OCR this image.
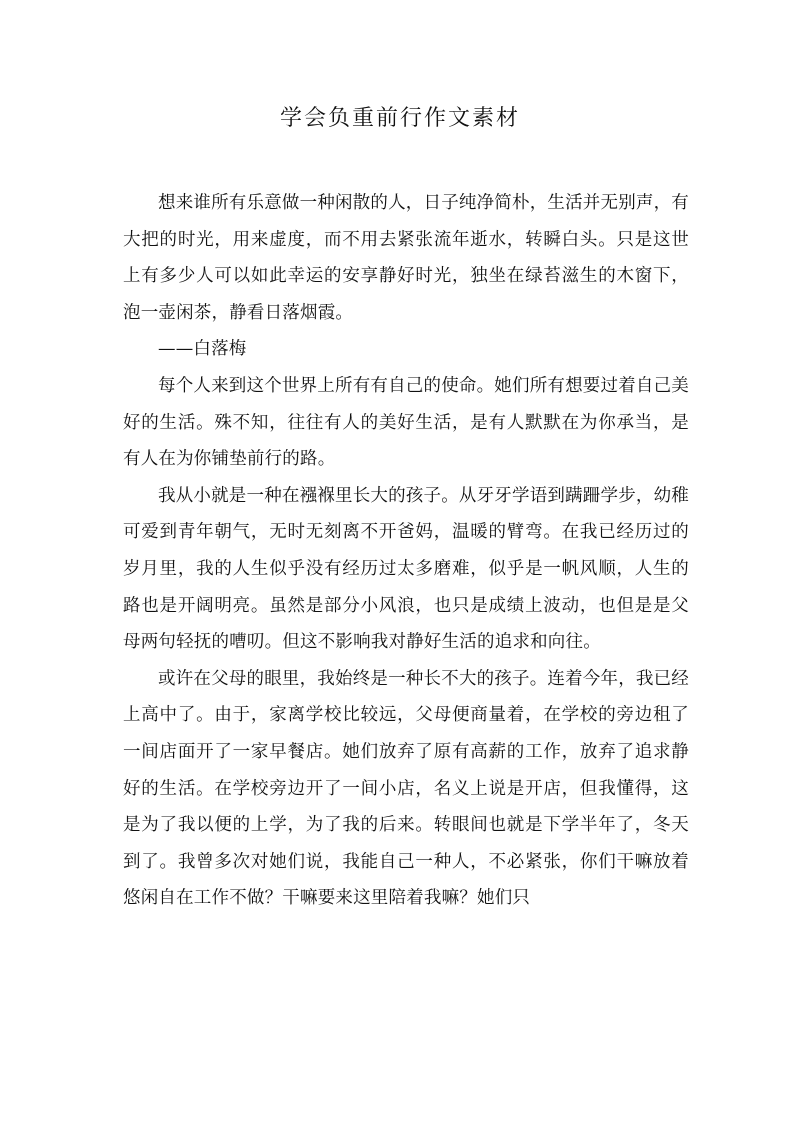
学会负重前行作文素材

想来谁所有乐意做一种闲散的人，日子纯净简朴，生活并无别声，有大把的时光，用来虚度，而不用去紧张流年逝水，转瞬白头。只是这世上有多少人可以如此幸运的安享静好时光，独坐在绿苔滋生的木窗下，泡一壶闲茶，静看日落烟霞。

——白落梅

每个人来到这个世界上所有有自己的使命。她们所有想要过着自己美好的生活。殊不知，往往有人的美好生活，是有人默默在为你承当，是有人在为你铺垫前行的路。

我从小就是一种在襁褓里长大的孩子。从牙牙学语到蹒跚学步，幼稚可爱到青年朝气，无时无刻离不开爸妈，温暖的臂弯。在我已经历过的岁月里，我的人生似乎没有经历过太多磨难，似乎是一帆风顺，人生的路也是开阔明亮。虽然是部分小风浪，也只是成绩上波动，也但是是父母两句轻抚的嘈叨。但这不影响我对静好生活的追求和向往。

或许在父母的眼里，我始终是一种长不大的孩子。连着今年，我已经上高中了。由于，家离学校比较远，父母便商量着，在学校的旁边租了一间店面开了一家早餐店。她们放弃了原有高薪的工作，放弃了追求静好的生活。在学校旁边开了一间小店，名义上说是开店，但我懂得，这是为了我以便的上学，为了我的后来。转眼间也就是下学半年了，冬天到了。我曾多次对她们说，我能自己一种人，不必紧张，你们干嘛放着悠闲自在工作不做？干嘛要来这里陪着我嘛？她们只
